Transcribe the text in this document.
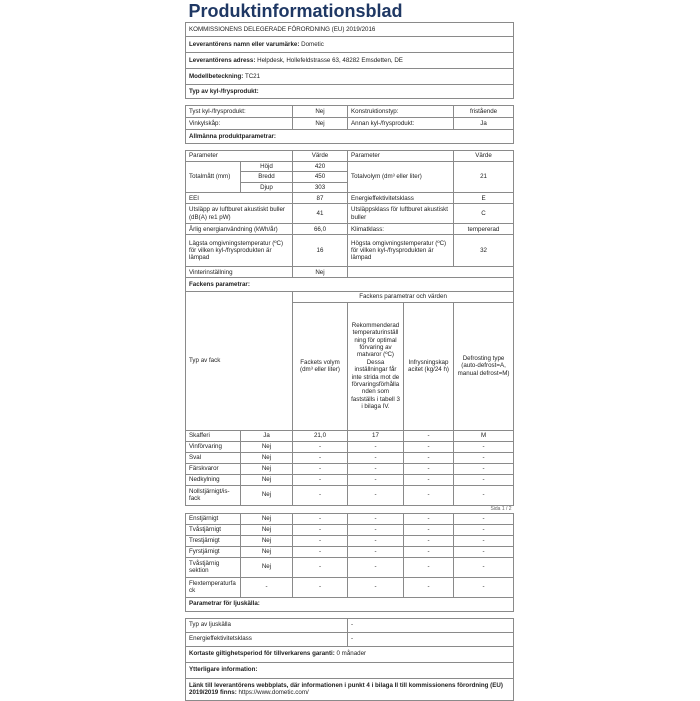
Produktinformationsblad					
KOMMISSIONENS DELEGERADE FÖRORDNING (EU) 2019/2016					
Leverantörens namn eller varumärke: Dometic					
Leverantörens adress: Helpdesk, Hollefeldstrasse 63, 48282 Emsdetten, DE					
Modellbeteckning: TC21					
Typ av kyl-/frysprodukt:					

Tyst kyl-/frysprodukt:		Nej	Konstruktionstyp:		fristående
Vinkylskåp:		Nej	Annan kyl-/frysprodukt:		Ja
Allmänna produktparametrar:					

Parameter		Värde	Parameter		Värde
Totalmått (mm)	Höjd	420	Totalvolym (dm³ eller liter)		21
	Bredd	450			
	Djup	303			
EEI		87	Energieffektivitetsklass		E
Utsläpp av luftburet akustiskt buller (dB(A) re1 pW)		41	Utsläppsklass för luftburet akustiskt buller		C
Årlig energianvändning (kWh/år)		66,0	Klimatklass:		tempererad
Lägsta omgivningstemperatur (ºC) för vilken kyl-/frysprodukten är lämpad		16	Högsta omgivningstemperatur (ºC) för vilken kyl-/frysprodukten är lämpad		32
Vinterinställning		Nej			
Fackens parametrar:					
Typ av fack		Fackens parametrar och värden			
		Fackets volym (dm³ eller liter)	Rekommenderad temperaturinställning för optimal förvaring av matvaror (ºC) Dessa inställningar får inte strida mot de förvaringsförhållanden som fastställs i tabell 3 i bilaga IV.	Infrysningskapacitet (kg/24 h)	Defrosting type (auto-defrost=A, manual defrost=M)
Skafferi	Ja	21,0	17	-	M
Vinförvaring	Nej	-	-	-	-
Sval	Nej	-	-	-	-
Färskvaror	Nej	-	-	-	-
Nedkylning	Nej	-	-	-	-
Nollstjärnigt/is-fack	Nej	-	-	-	-
Sida 1 / 2					
Enstjärnigt	Nej	-	-	-	-
Tvåstjärnigt	Nej	-	-	-	-
Trestjärnigt	Nej	-	-	-	-
Fyrstjärnigt	Nej	-	-	-	-
Tvåstjärnig sektion	Nej	-	-	-	-
Flextemperaturfack	-	-	-	-	-
Parametrar för ljuskälla:					

Typ av ljuskälla			-		
Energieffektivitetsklass			-		
Kortaste giltighetsperiod för tillverkarens garanti: 0 månader					
Ytterligare information:					
Länk till leverantörens webbplats, där informationen i punkt 4 i bilaga II till kommissionens förordning (EU) 2019/2019 finns: https://www.dometic.com/					
